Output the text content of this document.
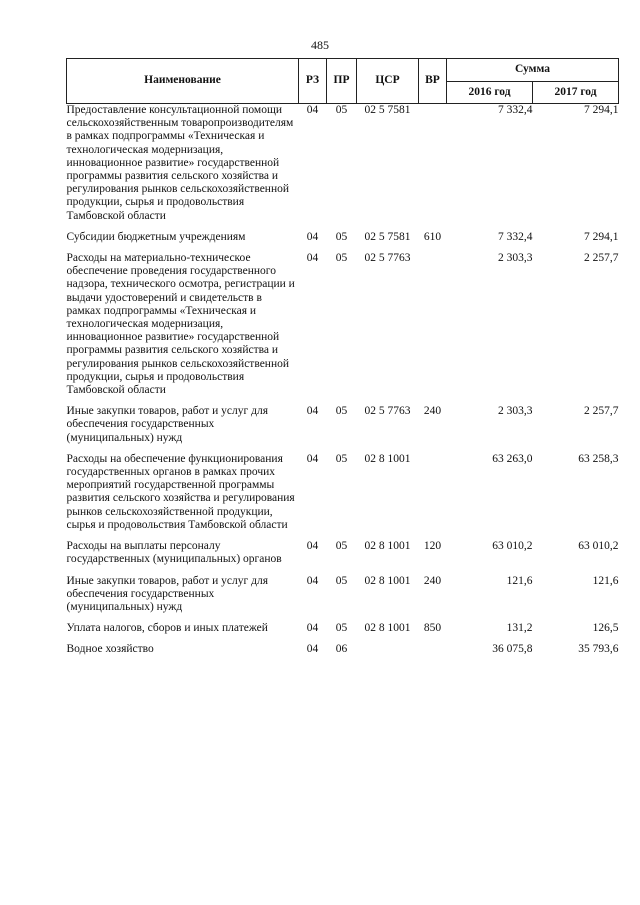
485
Наименование	РЗ	ПР	ЦСР	ВР	Сумма	
					2016 год	2017 год
Предоставление консультационной помощи сельскохозяйственным товаропроизводителям в рамках подпрограммы «Техническая и технологическая модернизация, инновационное развитие» государственной программы развития сельского хозяйства и регулирования рынков сельскохозяйственной продукции, сырья и продовольствия Тамбовской области	04	05	02 5 7581		7 332,4	7 294,1
Субсидии бюджетным учреждениям	04	05	02 5 7581	610	7 332,4	7 294,1
Расходы на материально-техническое обеспечение проведения государственного надзора, технического осмотра, регистрации и выдачи удостоверений и свидетельств в рамках подпрограммы «Техническая и технологическая модернизация, инновационное развитие» государственной программы развития сельского хозяйства и регулирования рынков сельскохозяйственной продукции, сырья и продовольствия Тамбовской области	04	05	02 5 7763		2 303,3	2 257,7
Иные закупки товаров, работ и услуг для обеспечения государственных (муниципальных) нужд	04	05	02 5 7763	240	2 303,3	2 257,7
Расходы на обеспечение функционирования государственных органов в рамках прочих мероприятий государственной программы развития сельского хозяйства и регулирования рынков сельскохозяйственной продукции, сырья и продовольствия Тамбовской области	04	05	02 8 1001		63 263,0	63 258,3
Расходы на выплаты персоналу государственных (муниципальных) органов	04	05	02 8 1001	120	63 010,2	63 010,2
Иные закупки товаров, работ и услуг для обеспечения государственных (муниципальных) нужд	04	05	02 8 1001	240	121,6	121,6
Уплата налогов, сборов и иных платежей	04	05	02 8 1001	850	131,2	126,5
Водное хозяйство	04	06			36 075,8	35 793,6
